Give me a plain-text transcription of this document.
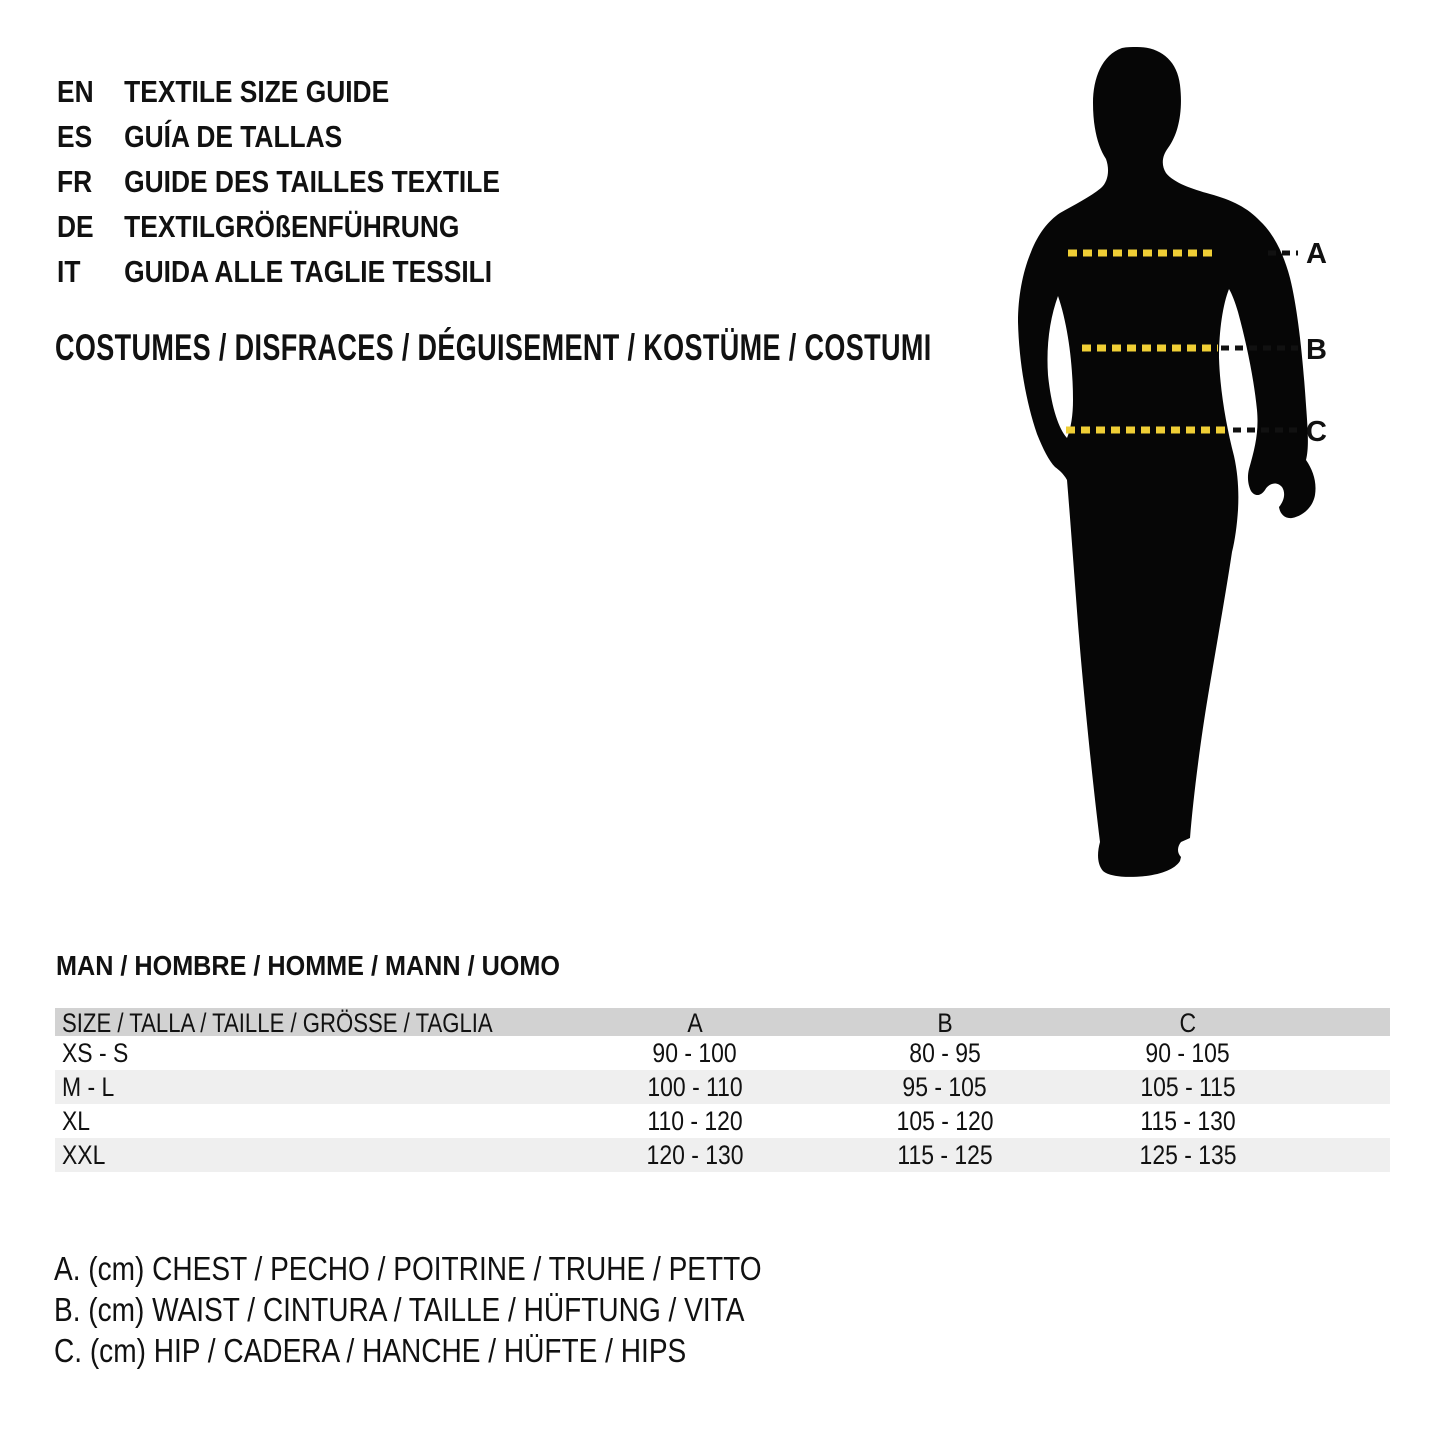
EN TEXTILE SIZE GUIDE
ES	GUÍA DE TALLAS
FR	GUIDE DES TAILLES TEXTILE
DE TEXTILGRÖßENFÜHRUNG
IT	GUIDA ALLE TAGLIE TESSILI
COSTUMES / DISFRACES / DÉGUISEMENT / KOSTÜME / COSTUMI
A
B
C
MAN / HOMBRE / HOMME / MANN / UOMO
SIZE / TALLA / TAILLE / GRÖSSE / TAGLIA	A	B	C
XS - S	90 - 100	80 - 95	90 - 105
M - L	100 - 110	95 - 105	105 - 115
XL	110 - 120	105 - 120	115 - 130
XXL	120 - 130	115 - 125	125 - 135
A. (cm) CHEST / PECHO / POITRINE / TRUHE / PETTO
B. (cm) WAIST / CINTURA / TAILLE / HÜFTUNG / VITA
C. (cm) HIP / CADERA / HANCHE / HÜFTE / HIPS
